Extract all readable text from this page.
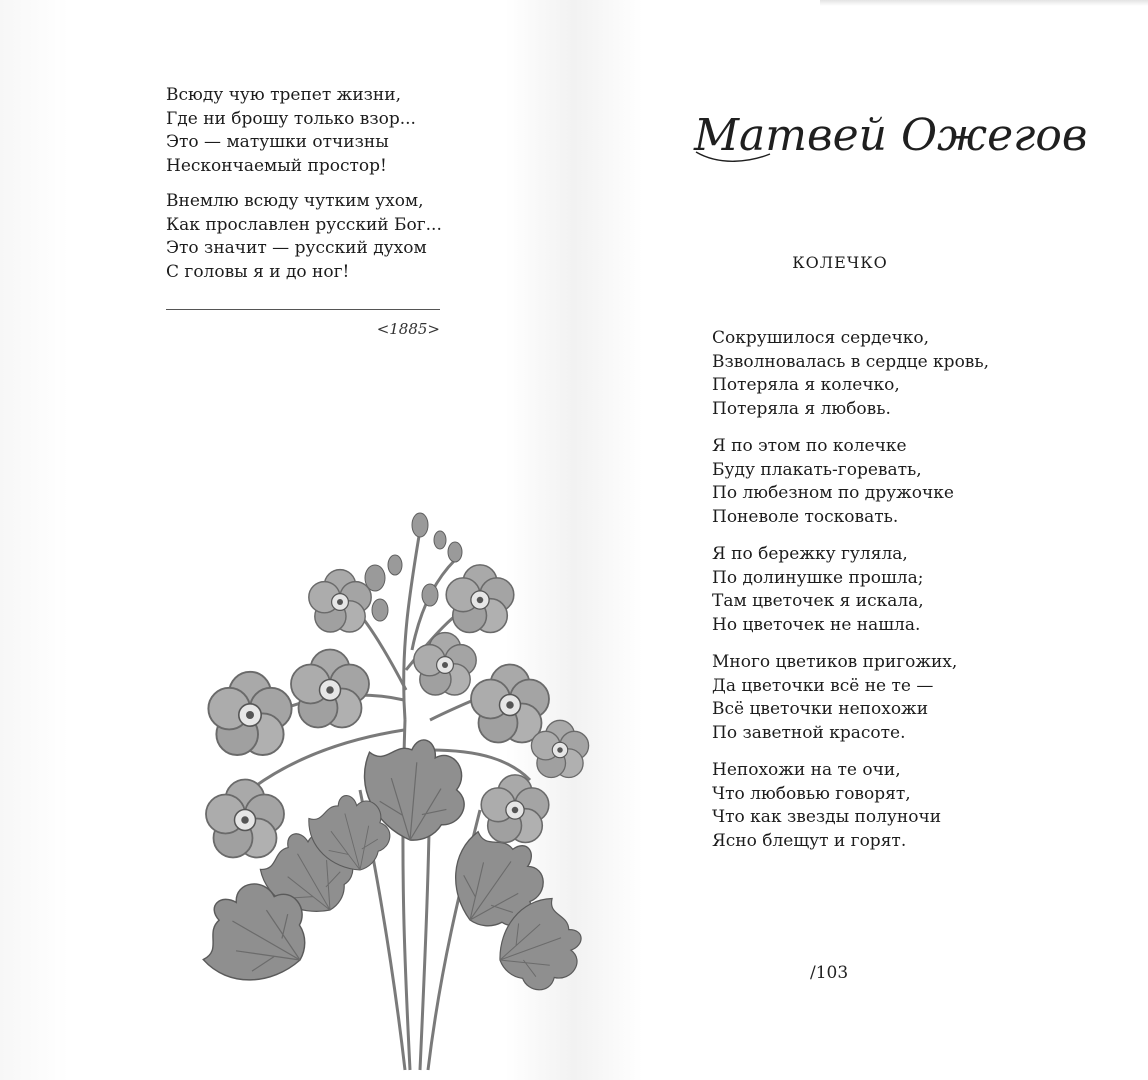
Всюду чую трепет жизни,
Где ни брошу только взор...
Это — матушки отчизны
Нескончаемый простор!
Внемлю всюду чутким ухом,
Как прославлен русский Бог...
Это значит — русский духом
С головы я и до ног!
<1885>
Матвей Ожегов
КОЛЕЧКО
Сокрушилося сердечко,
Взволновалась в сердце кровь,
Потеряла я колечко,
Потеряла я любовь.
Я по этом по колечке
Буду плакать-горевать,
По любезном по дружочке
Поневоле тосковать.
Я по бережку гуляла,
По долинушке прошла;
Там цветочек я искала,
Но цветочек не нашла.
Много цветиков пригожих,
Да цветочки всё не те —
Всё цветочки непохожи
По заветной красоте.
Непохожи на те очи,
Что любовью говорят,
Что как звезды полуночи
Ясно блещут и горят.
/103
